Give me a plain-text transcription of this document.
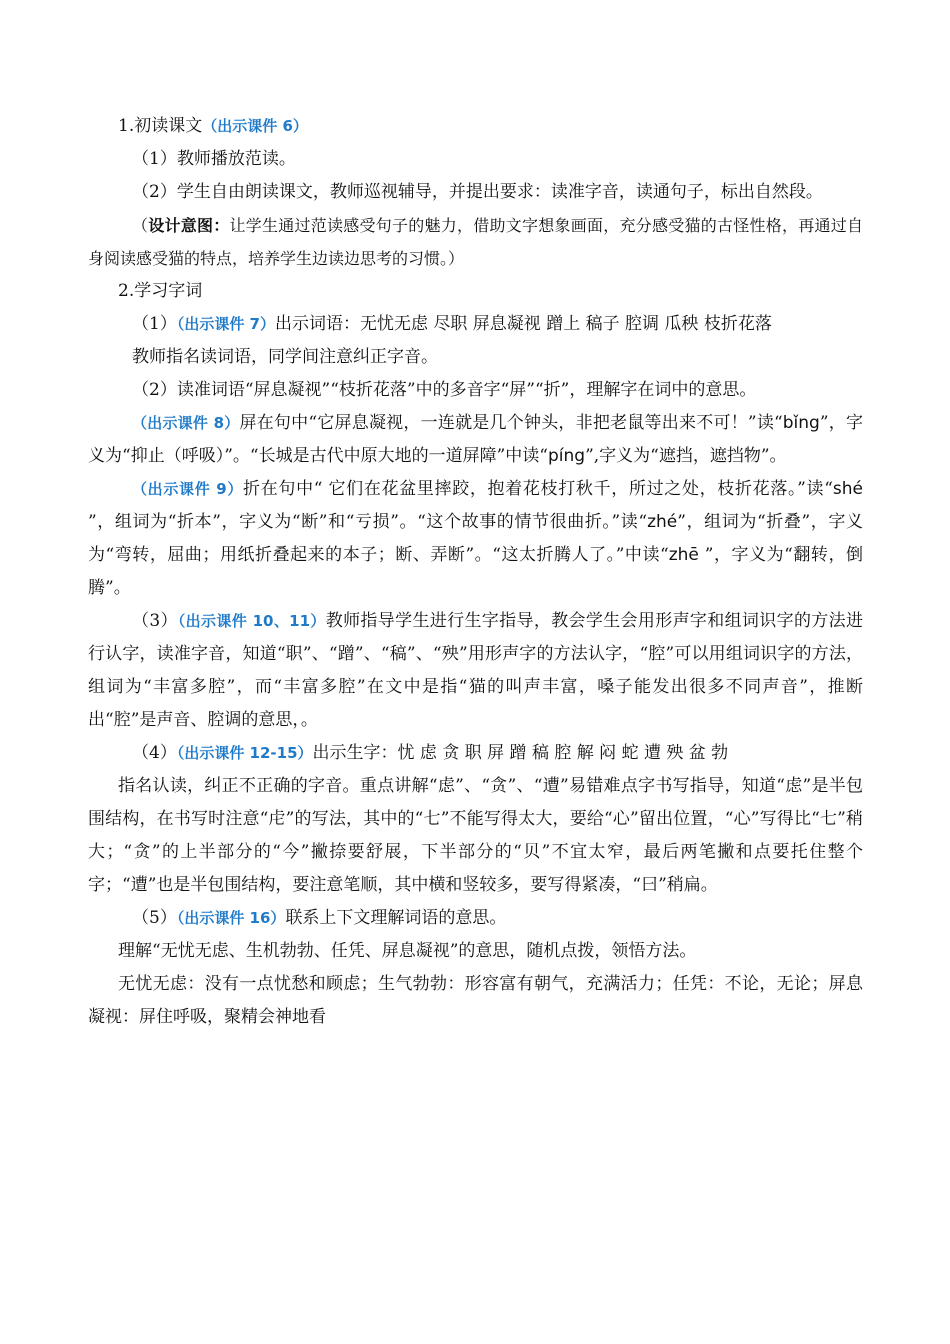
1.初读课文（出示课件 6）

（1）教师播放范读。

（2）学生自由朗读课文，教师巡视辅导，并提出要求：读准字音，读通句子，标出自然段。

（设计意图：让学生通过范读感受句子的魅力，借助文字想象画面，充分感受猫的古怪性格，再通过自身阅读感受猫的特点，培养学生边读边思考的习惯。）

2.学习字词

（1）（出示课件 7）出示词语：无忧无虑 尽职 屏息凝视 蹭上 稿子 腔调 瓜秧 枝折花落

教师指名读词语，同学间注意纠正字音。

（2）读准词语“屏息凝视”“枝折花落”中的多音字“屏”“折”，理解字在词中的意思。

（出示课件 8）屏在句中“它屏息凝视，一连就是几个钟头，非把老鼠等出来不可！”读“bǐng”，字义为“抑止（呼吸）”。“长城是古代中原大地的一道屏障”中读“píng”,字义为“遮挡，遮挡物”。

（出示课件 9）折在句中“ 它们在花盆里摔跤，抱着花枝打秋千，所过之处，枝折花落。”读“shé ”，组词为“折本”，字义为“断”和“亏损”。“这个故事的情节很曲折。”读“zhé”，组词为“折叠”，字义为“弯转，屈曲；用纸折叠起来的本子；断、弄断”。“这太折腾人了。”中读“zhē ”，字义为“翻转，倒腾”。

（3）（出示课件 10、11）教师指导学生进行生字指导，教会学生会用形声字和组词识字的方法进行认字，读准字音，知道“职”、“蹭”、“稿”、“殃”用形声字的方法认字，“腔”可以用组词识字的方法，组词为“丰富多腔”，而“丰富多腔”在文中是指“猫的叫声丰富，嗓子能发出很多不同声音”，推断出“腔”是声音、腔调的意思，。

（4）（出示课件 12-15）出示生字：忧 虑 贪 职 屏 蹭 稿 腔 解 闷 蛇 遭 殃 盆 勃

指名认读，纠正不正确的字音。重点讲解“虑”、“贪”、“遭”易错难点字书写指导，知道“虑”是半包围结构，在书写时注意“虍”的写法，其中的“七”不能写得太大，要给“心”留出位置，“心”写得比“七”稍大；“贪”的上半部分的“今”撇捺要舒展，下半部分的“贝”不宜太窄，最后两笔撇和点要托住整个字；“遭”也是半包围结构，要注意笔顺，其中横和竖较多，要写得紧凑，“曰”稍扁。

（5）（出示课件 16）联系上下文理解词语的意思。

理解“无忧无虑、生机勃勃、任凭、屏息凝视”的意思，随机点拨，领悟方法。

无忧无虑：没有一点忧愁和顾虑；生气勃勃：形容富有朝气，充满活力；任凭：不论，无论；屏息凝视：屏住呼吸，聚精会神地看
